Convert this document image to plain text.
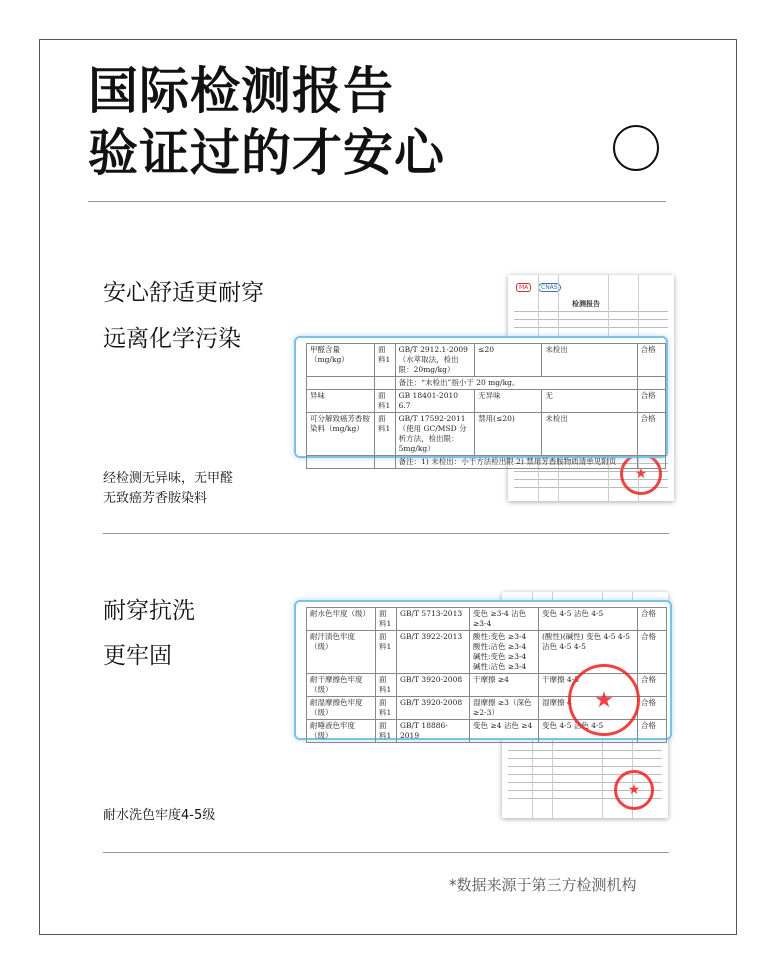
国际检测报告
验证过的才安心
安心舒适更耐穿
远离化学污染
经检测无异味，无甲醛
无致癌芳香胺染料
MA	CNAS
检测报告
★
甲醛含量（mg/kg）	面料1	GB/T 2912.1-2009（水萃取法，检出限：20mg/kg）	≤20	未检出	合格
		备注：“未检出”指小于 20 mg/kg。			
异味	面料1	GB 18401-2010 6.7	无异味	无	合格
可分解致癌芳香胺染料（mg/kg）	面料1	GB/T 17592-2011（使用 GC/MSD 分析方法，检出限：5mg/kg）	禁用(≤20)	未检出	合格
		备注：1) 未检出：小于方法检出限 2) 禁用芳香胺物质清单见附页			
耐穿抗洗
更牢固
耐水洗色牢度4-5级
★
耐水色牢度（级）	面料1	GB/T 5713-2013	变色 ≥3-4 沾色 ≥3-4	变色 4-5 沾色 4-5	合格
耐汗渍色牢度（级）	面料1	GB/T 3922-2013	酸性:变色 ≥3-4 酸性:沾色 ≥3-4 碱性:变色 ≥3-4 碱性:沾色 ≥3-4	(酸性)(碱性) 变色 4-5 4-5 沾色 4-5 4-5	合格
耐干摩擦色牢度（级）	面料1	GB/T 3920-2008	干摩擦 ≥4	干摩擦 4-5	合格
耐湿摩擦色牢度（级）	面料1	GB/T 3920-2008	湿摩擦 ≥3（深色≥2-3）	湿摩擦 4	合格
耐唾液色牢度（级）	面料1	GB/T 18886-2019	变色 ≥4 沾色 ≥4	变色 4-5 沾色 4-5	合格
★
*数据来源于第三方检测机构
